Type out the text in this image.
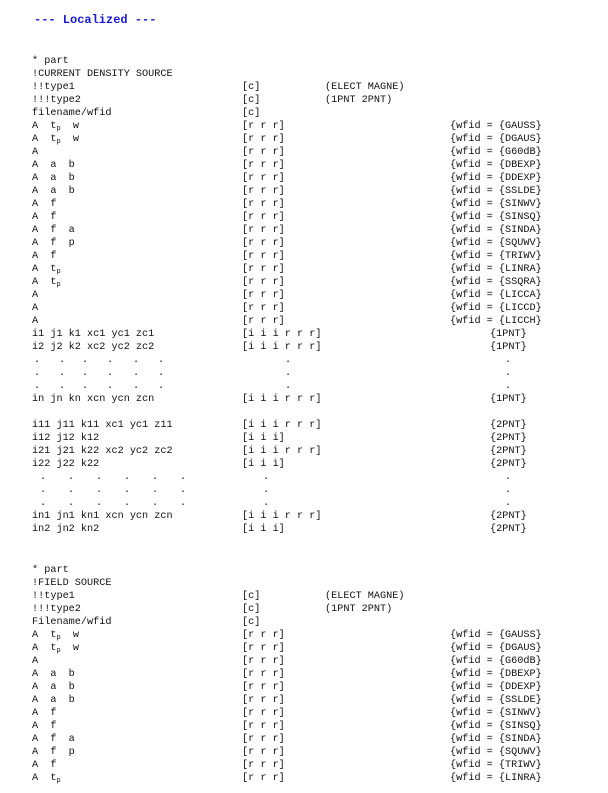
--- Localized ---
* part
!CURRENT DENSITY SOURCE
!!type1	[c]	(ELECT MAGNE)
!!!type2	[c]	(1PNT 2PNT)
filename/wfid	[c]
A  $t_p$  w	[r r r]	{wfid = {GAUSS}
A  $t_p$  w	[r r r]	{wfid = {DGAUS}
A	[r r r]	{wfid = {G60dB}
A  a  b	[r r r]	{wfid = {DBEXP}
A  a  b	[r r r]	{wfid = {DDEXP}
A  a  b	[r r r]	{wfid = {SSLDE}
A  f	[r r r]	{wfid = {SINWV}
A  f	[r r r]	{wfid = {SINSQ}
A  f  a	[r r r]	{wfid = {SINDA}
A  f  p	[r r r]	{wfid = {SQUWV}
A  f	[r r r]	{wfid = {TRIWV}
A  $t_p$	[r r r]	{wfid = {LINRA}
A  $t_p$	[r r r]	{wfid = {SSQRA}
A	[r r r]	{wfid = {LICCA}
A	[r r r]	{wfid = {LICCD}
A	[r r r]	{wfid = {LICCH}
i1 j1 k1 xc1 yc1 zc1	[i i i r r r]	{1PNT}
i2 j2 k2 xc2 yc2 zc2	[i i i r r r]	{1PNT}
. . . . . .	.	.
. . . . . .	.	.
. . . . . .	.	.
in jn kn xcn ycn zcn	[i i i r r r]	{1PNT}
i11 j11 k11 xc1 yc1 z11	[i i i r r r]	{2PNT}
i12 j12 k12	[i i i]	{2PNT}
i21 j21 k22 xc2 yc2 zc2	[i i i r r r]	{2PNT}
i22 j22 k22	[i i i]	{2PNT}
. . . . . .	.	.
. . . . . .	.	.
. . . . . .	.	.
in1 jn1 kn1 xcn ycn zcn	[i i i r r r]	{2PNT}
in2 jn2 kn2	[i i i]	{2PNT}
* part
!FIELD SOURCE
!!type1	[c]	(ELECT MAGNE)
!!!type2	[c]	(1PNT 2PNT)
Filename/wfid	[c]
A  $t_p$  w	[r r r]	{wfid = {GAUSS}
A  $t_p$  w	[r r r]	{wfid = {DGAUS}
A	[r r r]	{wfid = {G60dB}
A  a  b	[r r r]	{wfid = {DBEXP}
A  a  b	[r r r]	{wfid = {DDEXP}
A  a  b	[r r r]	{wfid = {SSLDE}
A  f	[r r r]	{wfid = {SINWV}
A  f	[r r r]	{wfid = {SINSQ}
A  f  a	[r r r]	{wfid = {SINDA}
A  f  p	[r r r]	{wfid = {SQUWV}
A  f	[r r r]	{wfid = {TRIWV}
A  $t_p$	[r r r]	{wfid = {LINRA}
